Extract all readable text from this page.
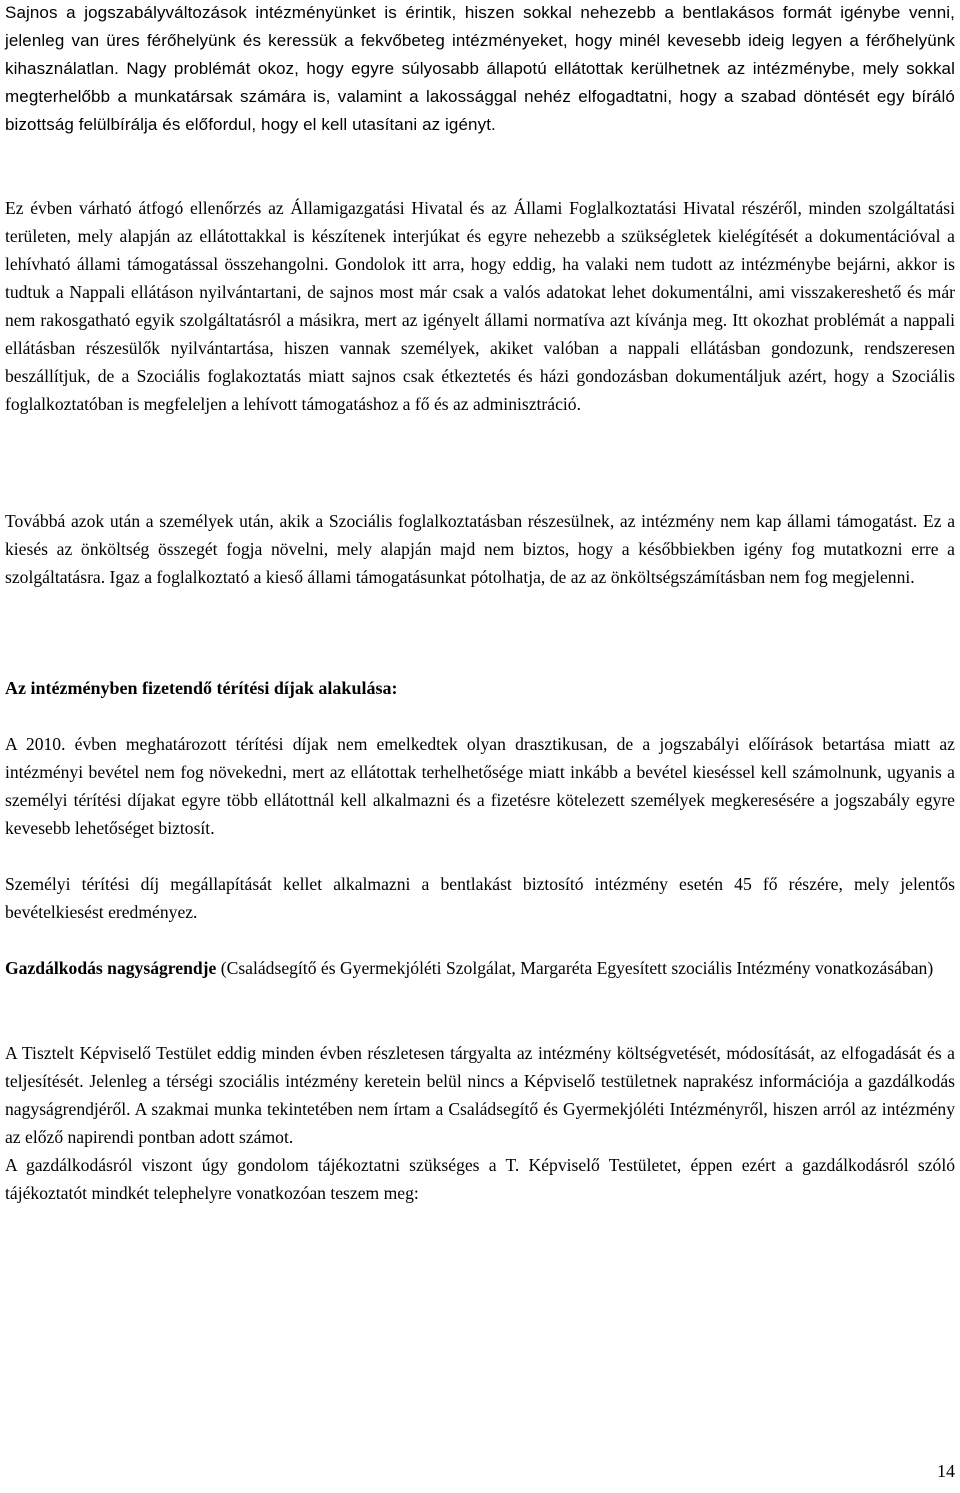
Sajnos a jogszabályváltozások intézményünket is érintik, hiszen sokkal nehezebb a bentlakásos formát igénybe venni, jelenleg van üres férőhelyünk és keressük a fekvőbeteg intézményeket, hogy minél kevesebb ideig legyen a férőhelyünk kihasználatlan. Nagy problémát okoz, hogy egyre súlyosabb állapotú ellátottak kerülhetnek az intézménybe, mely sokkal megterhelőbb a munkatársak számára is, valamint a lakossággal nehéz elfogadtatni, hogy a szabad döntését egy bíráló bizottság felülbírálja és előfordul, hogy el kell utasítani az igényt.

Ez évben várható átfogó ellenőrzés az Államigazgatási Hivatal és az Állami Foglalkoztatási Hivatal részéről, minden szolgáltatási területen, mely alapján az ellátottakkal is készítenek interjúkat és egyre nehezebb a szükségletek kielégítését a dokumentációval a lehívható állami támogatással összehangolni. Gondolok itt arra, hogy eddig, ha valaki nem tudott az intézménybe bejárni, akkor is tudtuk a Nappali ellátáson nyilvántartani, de sajnos most már csak a valós adatokat lehet dokumentálni, ami visszakereshető és már nem rakosgatható egyik szolgáltatásról a másikra, mert az igényelt állami normatíva azt kívánja meg. Itt okozhat problémát a nappali ellátásban részesülők nyilvántartása, hiszen vannak személyek, akiket valóban a nappali ellátásban gondozunk, rendszeresen beszállítjuk, de a Szociális foglakoztatás miatt sajnos csak étkeztetés és házi gondozásban dokumentáljuk azért, hogy a Szociális foglalkoztatóban is megfeleljen a lehívott támogatáshoz a fő és az adminisztráció.

Továbbá azok után a személyek után, akik a Szociális foglalkoztatásban részesülnek, az intézmény nem kap állami támogatást. Ez a kiesés az önköltség összegét fogja növelni, mely alapján majd nem biztos, hogy a későbbiekben igény fog mutatkozni erre a szolgáltatásra. Igaz a foglalkoztató a kieső állami támogatásunkat pótolhatja, de az az önköltségszámításban nem fog megjelenni.

Az intézményben fizetendő térítési díjak alakulása:

A 2010. évben meghatározott térítési díjak nem emelkedtek olyan drasztikusan, de a jogszabályi előírások betartása miatt az intézményi bevétel nem fog növekedni, mert az ellátottak terhelhetősége miatt inkább a bevétel kieséssel kell számolnunk, ugyanis a személyi térítési díjakat egyre több ellátottnál kell alkalmazni és a fizetésre kötelezett személyek megkeresésére a jogszabály egyre kevesebb lehetőséget biztosít.

Személyi térítési díj megállapítását kellet alkalmazni a bentlakást biztosító intézmény esetén 45 fő részére, mely jelentős bevételkiesést eredményez.

Gazdálkodás nagyságrendje (Családsegítő és Gyermekjóléti Szolgálat, Margaréta Egyesített szociális Intézmény vonatkozásában)

A Tisztelt Képviselő Testület eddig minden évben részletesen tárgyalta az intézmény költségvetését, módosítását, az elfogadását és a teljesítését. Jelenleg a térségi szociális intézmény keretein belül nincs a Képviselő testületnek naprakész információja a gazdálkodás nagyságrendjéről. A szakmai munka tekintetében nem írtam a Családsegítő és Gyermekjóléti Intézményről, hiszen arról az intézmény az előző napirendi pontban adott számot.

A gazdálkodásról viszont úgy gondolom tájékoztatni szükséges a T. Képviselő Testületet, éppen ezért a gazdálkodásról szóló tájékoztatót mindkét telephelyre vonatkozóan teszem meg:

14
